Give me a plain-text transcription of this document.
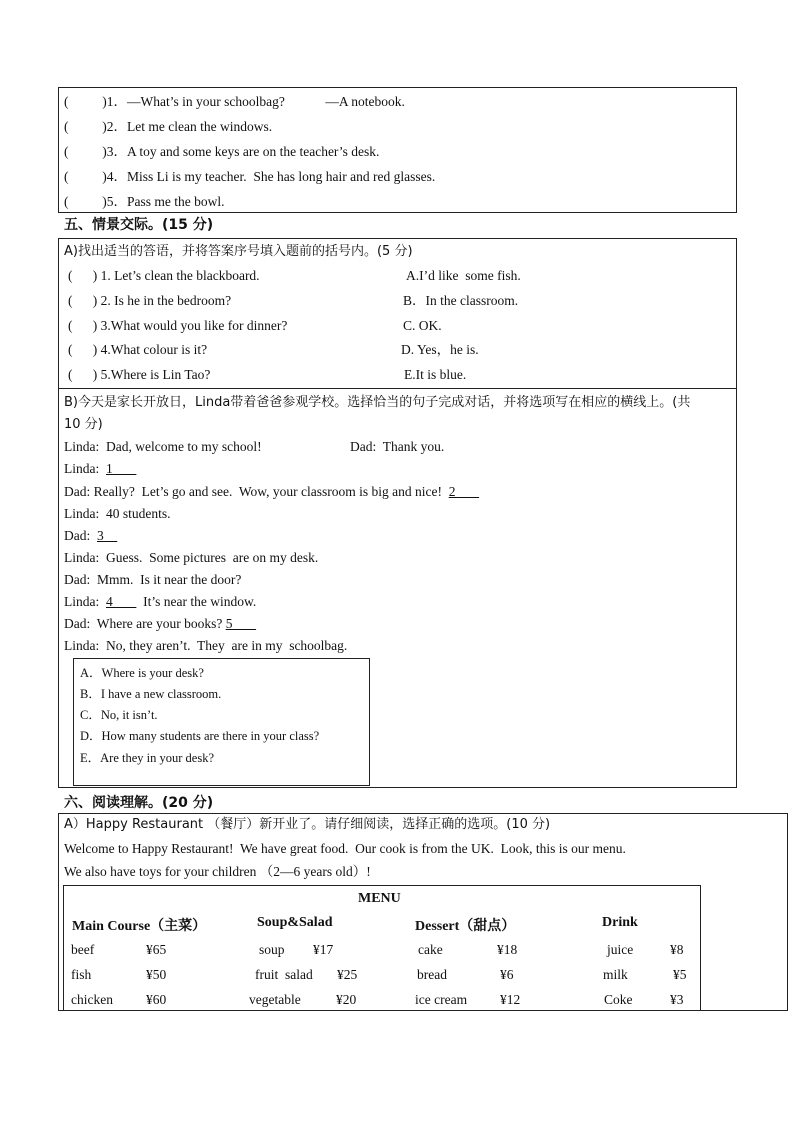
(          )1．—What’s in your schoolbag?            —A notebook.
(          )2．Let me clean the windows.
(          )3．A toy and some keys are on the teacher’s desk.
(          )4．Miss Li is my teacher.  She has long hair and red glasses.
(          )5．Pass me the bowl.
五、情景交际。(15 分)
A)找出适当的答语，并将答案序号填入题前的括号内。(5 分)
(      ) 1. Let’s clean the blackboard.	A.I’d like  some fish.
(      ) 2. Is he in the bedroom?	B．In the classroom.
(      ) 3.What would you like for dinner?	C. OK.
(      ) 4.What colour is it?	D. Yes，he is.
(      ) 5.Where is Lin Tao?	E.It is blue.
B)今天是家长开放日，Linda带着爸爸参观学校。选择恰当的句子完成对话，并将选项写在相应的横线上。(共
10 分)
Linda:  Dad, welcome to my school!	Dad:  Thank you.
Linda:  1
Dad: Really?  Let’s go and see.  Wow, your classroom is big and nice!  2
Linda:  40 students.
Dad:  3
Linda:  Guess.  Some pictures  are on my desk.
Dad:  Mmm.  Is it near the door?
Linda:  4         It’s near the window.
Dad:  Where are your books? 5
Linda:  No, they aren’t.  They  are in my  schoolbag.
A．Where is your desk?
B．I have a new classroom.
C．No, it isn’t.
D．How many students are there in your class?
E．Are they in your desk?
六、阅读理解。(20 分)
A）Happy Restaurant （餐厅）新开业了。请仔细阅读，选择正确的选项。(10 分)
Welcome to Happy Restaurant!  We have great food.  Our cook is from the UK.  Look, this is our menu.
We also have toys for your children （2—6 years old）!
MENU
Main Course（主菜）	Soup&Salad	Dessert（甜点）	Drink
beef	¥65	soup ¥17	cake	¥18	juice	¥8
fish	¥50	fruit  salad ¥25	bread	¥6	milk	¥5
chicken ¥60	vegetable	¥20	ice cream ¥12	Coke	¥3
